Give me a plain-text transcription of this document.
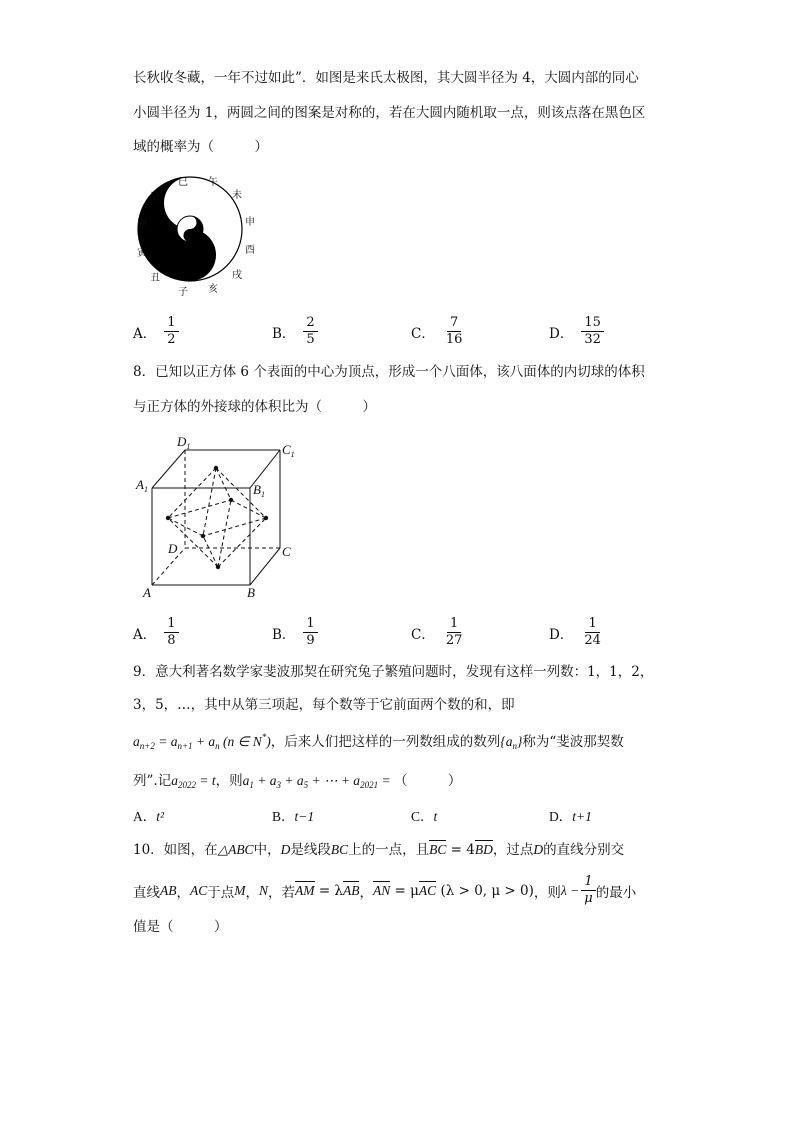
长秋收冬藏，一年不过如此”．如图是来氏太极图，其大圆半径为 4，大圆内部的同心
小圆半径为 1，两圆之间的图案是对称的，若在大圆内随机取一点，则该点落在黑色区
域的概率为（　　　）
巳 午
未
申
酉
戌
亥
子
丑
寅
卯
辰
A． $\frac{1}{2}$	B． $\frac{2}{5}$	C． $\frac{7}{16}$	D． $\frac{15}{32}$
8．已知以正方体 6 个表面的中心为顶点，形成一个八面体，该八面体的内切球的体积
与正方体的外接球的体积比为（　　　）
$D_1$	$C_1$
$A_1$	$B_1$
D	C
A	B
A． $\frac{1}{8}$	B． $\frac{1}{9}$	C． $\frac{1}{27}$	D． $\frac{1}{24}$
9．意大利著名数学家斐波那契在研究兔子繁殖问题时，发现有这样一列数：1，1，2，
3，5，…，其中从第三项起，每个数等于它前面两个数的和，即
$a_{n+2} = a_{n+1} + a_n$ (n ∈ N*)，后来人们把这样的一列数组成的数列$\{a_n\}$称为“斐波那契数
列”.记$a_{2022} = t$，则$a_1 + a_3 + a_5$ + ⋯ + $a_{2021}$ = （　　　）
A．t²	B．t−1	C．t	D．t+1
10．如图，在△ABC中，D是线段BC上的一点，且BC = 4BD，过点D的直线分别交
直线 AB ， AC 于点 M ， N ，若 AM = λAB ， AN = μAC (λ > 0, μ > 0) ，则 $\lambda - \frac{1}{\mu}$ 的最小
值是（　　　）
